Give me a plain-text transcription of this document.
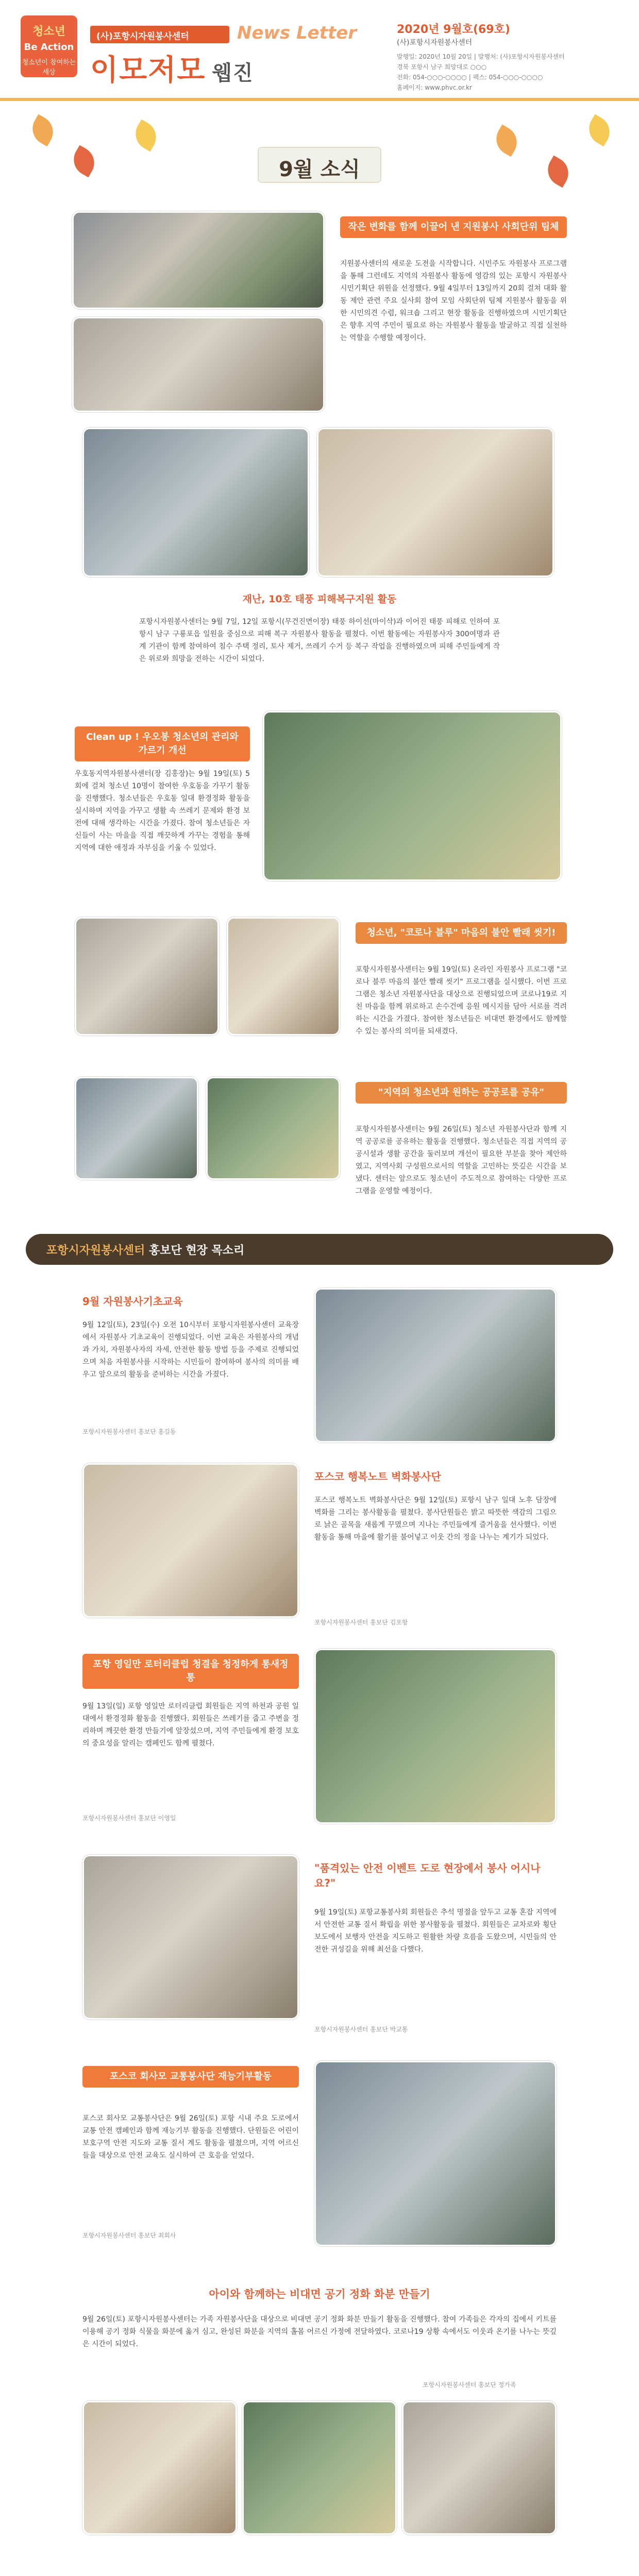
청소년
Be Action
청소년이 참여하는 세상
(사)포항시자원봉사센터	News Letter
이모저모 웹진
2020년 9월호(69호)
(사)포항시자원봉사센터
발행일: 2020년 10월 20일 | 발행처: (사)포항시자원봉사센터
경북 포항시 남구 희망대로 ○○○
전화: 054-○○○-○○○○ | 팩스: 054-○○○-○○○○
홈페이지: www.phvc.or.kr
9월 소식
작은 변화를 함께 이끌어 낸 지원봉사 사회단위 팀체
지원봉사센터의 새로운 도전을 시작합니다. 시민주도 자원봉사 프로그램을 통해 그런데도 지역의 자원봉사 활동에 영감의 있는 포항시 자원봉사 시민기획단 위원을 선정했다. 9월 4일부터 13일까지 20회 걸쳐 대화 활동 제안 관련 주요 실사회 참여 모임 사회단위 팀체 지원봉사 활동을 위한 시민의견 수렴, 워크숍 그리고 현장 활동을 진행하였으며 시민기획단은 향후 지역 주민이 필요로 하는 자원봉사 활동을 발굴하고 직접 실천하는 역할을 수행할 예정이다.
재난, 10호 태풍 피해복구지원 활동
포항시자원봉사센터는 9월 7일, 12일 포항시(무건진면이장) 태풍 하이선(마이삭)과 이어진 태풍 피해로 인하여 포항시 남구 구룡포읍 일원을 중심으로 피해 복구 자원봉사 활동을 펼쳤다. 이번 활동에는 자원봉사자 300여명과 관계 기관이 함께 참여하여 침수 주택 정리, 토사 제거, 쓰레기 수거 등 복구 작업을 진행하였으며 피해 주민들에게 작은 위로와 희망을 전하는 시간이 되었다.
Clean up ! 우오봉 청소년의 관리와 가르기 개선
우호동지역자원봉사센터(장 김홍장)는 9월 19일(토) 5회에 걸쳐 청소년 10명이 참여한 우호동을 가꾸기 활동을 진행했다. 청소년들은 우호동 일대 환경정화 활동을 실시하며 지역을 가꾸고 생활 속 쓰레기 문제와 환경 보전에 대해 생각하는 시간을 가졌다. 참여 청소년들은 자신들이 사는 마을을 직접 깨끗하게 가꾸는 경험을 통해 지역에 대한 애정과 자부심을 키울 수 있었다.
청소년, "코로나 블루" 마음의 불안 빨래 씻기!
포항시자원봉사센터는 9월 19일(토) 온라인 자원봉사 프로그램 "코로나 블루 마음의 불안 빨래 씻기" 프로그램을 실시했다. 이번 프로그램은 청소년 자원봉사단을 대상으로 진행되었으며 코로나19로 지친 마음을 함께 위로하고 손수건에 응원 메시지를 담아 서로를 격려하는 시간을 가졌다. 참여한 청소년들은 비대면 환경에서도 함께할 수 있는 봉사의 의미를 되새겼다.
"지역의 청소년과 원하는 공공로를 공유"
포항시자원봉사센터는 9월 26일(토) 청소년 자원봉사단과 함께 지역 공공로를 공유하는 활동을 진행했다. 청소년들은 직접 지역의 공공시설과 생활 공간을 둘러보며 개선이 필요한 부분을 찾아 제안하였고, 지역사회 구성원으로서의 역할을 고민하는 뜻깊은 시간을 보냈다. 센터는 앞으로도 청소년이 주도적으로 참여하는 다양한 프로그램을 운영할 예정이다.
포항시자원봉사센터 홍보단 현장 목소리
9월 자원봉사기초교육
9월 12일(토), 23일(수) 오전 10시부터 포항시자원봉사센터 교육장에서 자원봉사 기초교육이 진행되었다. 이번 교육은 자원봉사의 개념과 가치, 자원봉사자의 자세, 안전한 활동 방법 등을 주제로 진행되었으며 처음 자원봉사를 시작하는 시민들이 참여하여 봉사의 의미를 배우고 앞으로의 활동을 준비하는 시간을 가졌다.
포항시자원봉사센터 홍보단 홍길동
포스코 행복노트 벽화봉사단
포스코 행복노트 벽화봉사단은 9월 12일(토) 포항시 남구 일대 노후 담장에 벽화를 그리는 봉사활동을 펼쳤다. 봉사단원들은 밝고 따뜻한 색감의 그림으로 낡은 골목을 새롭게 꾸몄으며 지나는 주민들에게 즐거움을 선사했다. 이번 활동을 통해 마을에 활기를 불어넣고 이웃 간의 정을 나누는 계기가 되었다.
포항시자원봉사센터 홍보단 김포항
포항 영일만 로터리클럽 청결을 청정하게 통새정통
9월 13일(일) 포항 영일만 로터리클럽 회원들은 지역 하천과 공원 일대에서 환경정화 활동을 진행했다. 회원들은 쓰레기를 줍고 주변을 정리하며 깨끗한 환경 만들기에 앞장섰으며, 지역 주민들에게 환경 보호의 중요성을 알리는 캠페인도 함께 펼쳤다.
포항시자원봉사센터 홍보단 이영일
"품격있는 안전 이벤트 도로 현장에서 봉사 어시나요?"
9월 19일(토) 포항교통봉사회 회원들은 추석 명절을 앞두고 교통 혼잡 지역에서 안전한 교통 질서 확립을 위한 봉사활동을 펼쳤다. 회원들은 교차로와 횡단보도에서 보행자 안전을 지도하고 원활한 차량 흐름을 도왔으며, 시민들의 안전한 귀성길을 위해 최선을 다했다.
포항시자원봉사센터 홍보단 박교통
포스코 회사모 교통봉사단 재능기부활동
포스코 회사모 교통봉사단은 9월 26일(토) 포항 시내 주요 도로에서 교통 안전 캠페인과 함께 재능기부 활동을 진행했다. 단원들은 어린이 보호구역 안전 지도와 교통 질서 계도 활동을 펼쳤으며, 지역 어르신들을 대상으로 안전 교육도 실시하여 큰 호응을 얻었다.
포항시자원봉사센터 홍보단 최회사
아이와 함께하는 비대면 공기 정화 화분 만들기
9월 26일(토) 포항시자원봉사센터는 가족 자원봉사단을 대상으로 비대면 공기 정화 화분 만들기 활동을 진행했다. 참여 가족들은 각자의 집에서 키트를 이용해 공기 정화 식물을 화분에 옮겨 심고, 완성된 화분을 지역의 홀몸 어르신 가정에 전달하였다. 코로나19 상황 속에서도 이웃과 온기를 나누는 뜻깊은 시간이 되었다.
포항시자원봉사센터 홍보단 정가족
